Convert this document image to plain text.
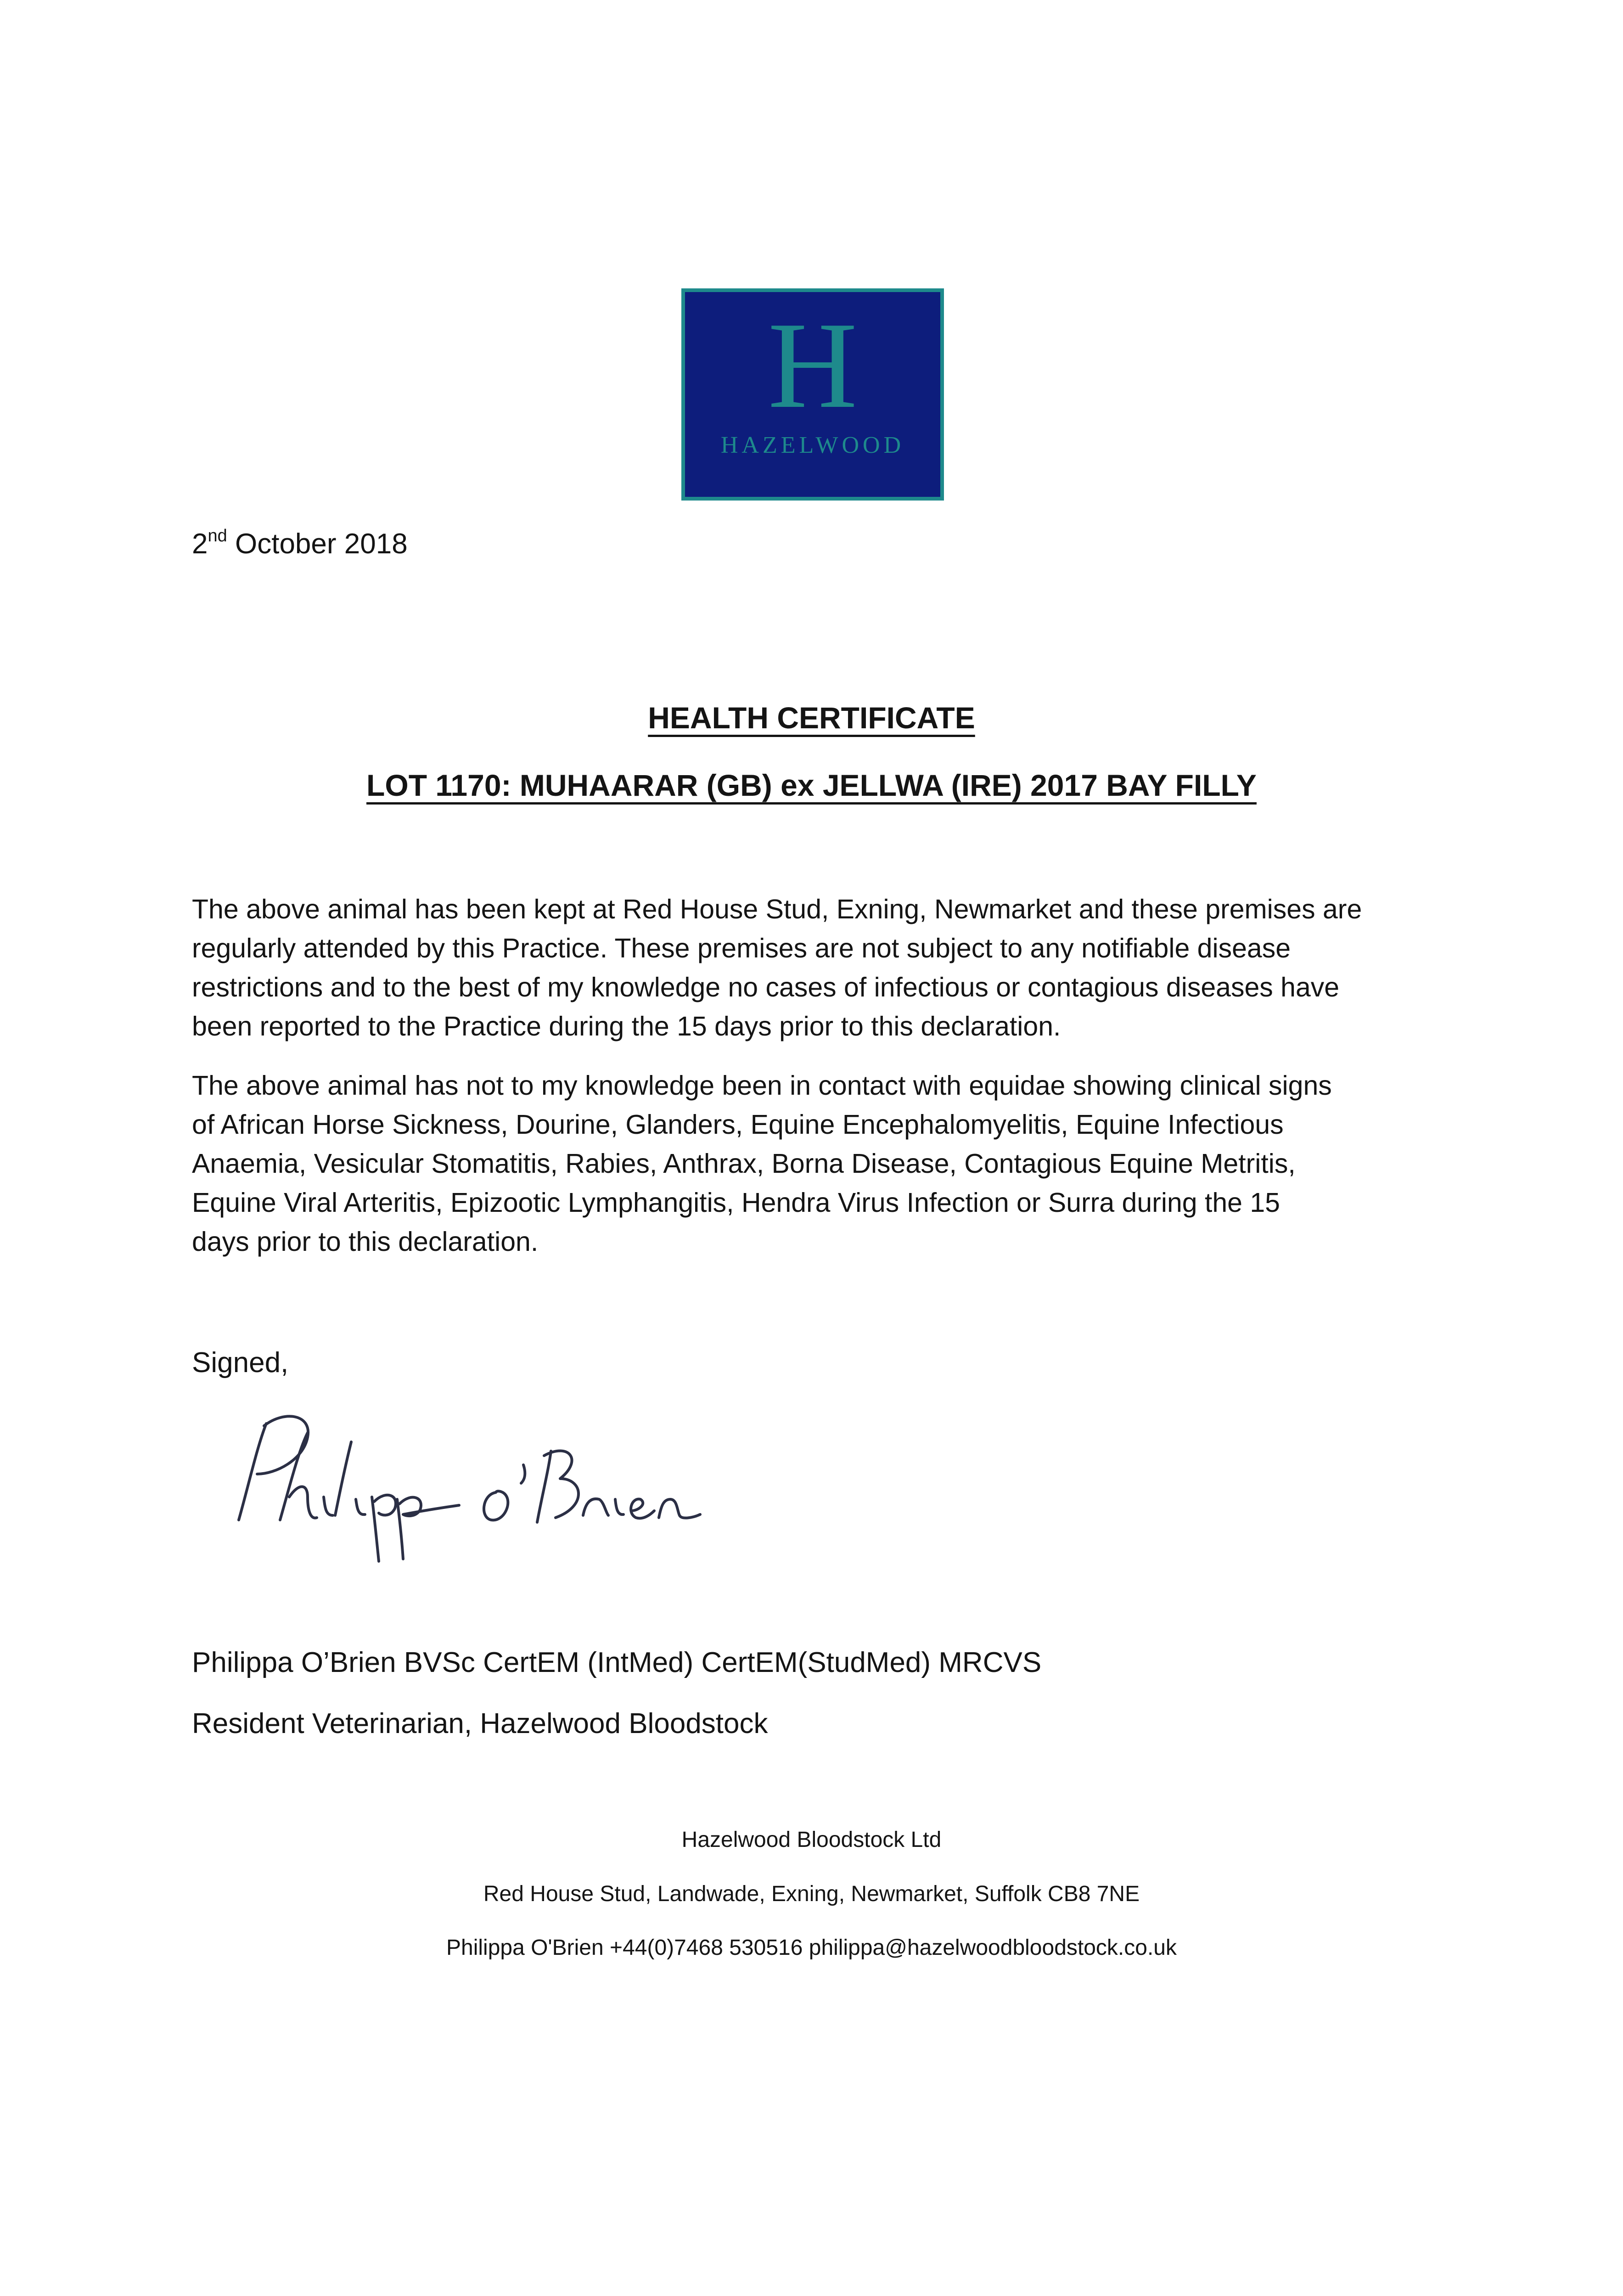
H
HAZELWOOD
2nd October 2018
HEALTH CERTIFICATE
LOT 1170: MUHAARAR (GB) ex JELLWA (IRE) 2017 BAY FILLY
The above animal has been kept at Red House Stud, Exning, Newmarket and these premises are
regularly attended by this Practice. These premises are not subject to any notifiable disease
restrictions and to the best of my knowledge no cases of infectious or contagious diseases have
been reported to the Practice during the 15 days prior to this declaration.
The above animal has not to my knowledge been in contact with equidae showing clinical signs
of African Horse Sickness, Dourine, Glanders, Equine Encephalomyelitis, Equine Infectious
Anaemia, Vesicular Stomatitis, Rabies, Anthrax, Borna Disease, Contagious Equine Metritis,
Equine Viral Arteritis, Epizootic Lymphangitis, Hendra Virus Infection or Surra during the 15
days prior to this declaration.
Signed,
Philippa O’Brien BVSc CertEM (IntMed) CertEM(StudMed) MRCVS
Resident Veterinarian, Hazelwood Bloodstock
Hazelwood Bloodstock Ltd
Red House Stud, Landwade, Exning, Newmarket, Suffolk CB8 7NE
Philippa O'Brien +44(0)7468 530516 philippa@hazelwoodbloodstock.co.uk
